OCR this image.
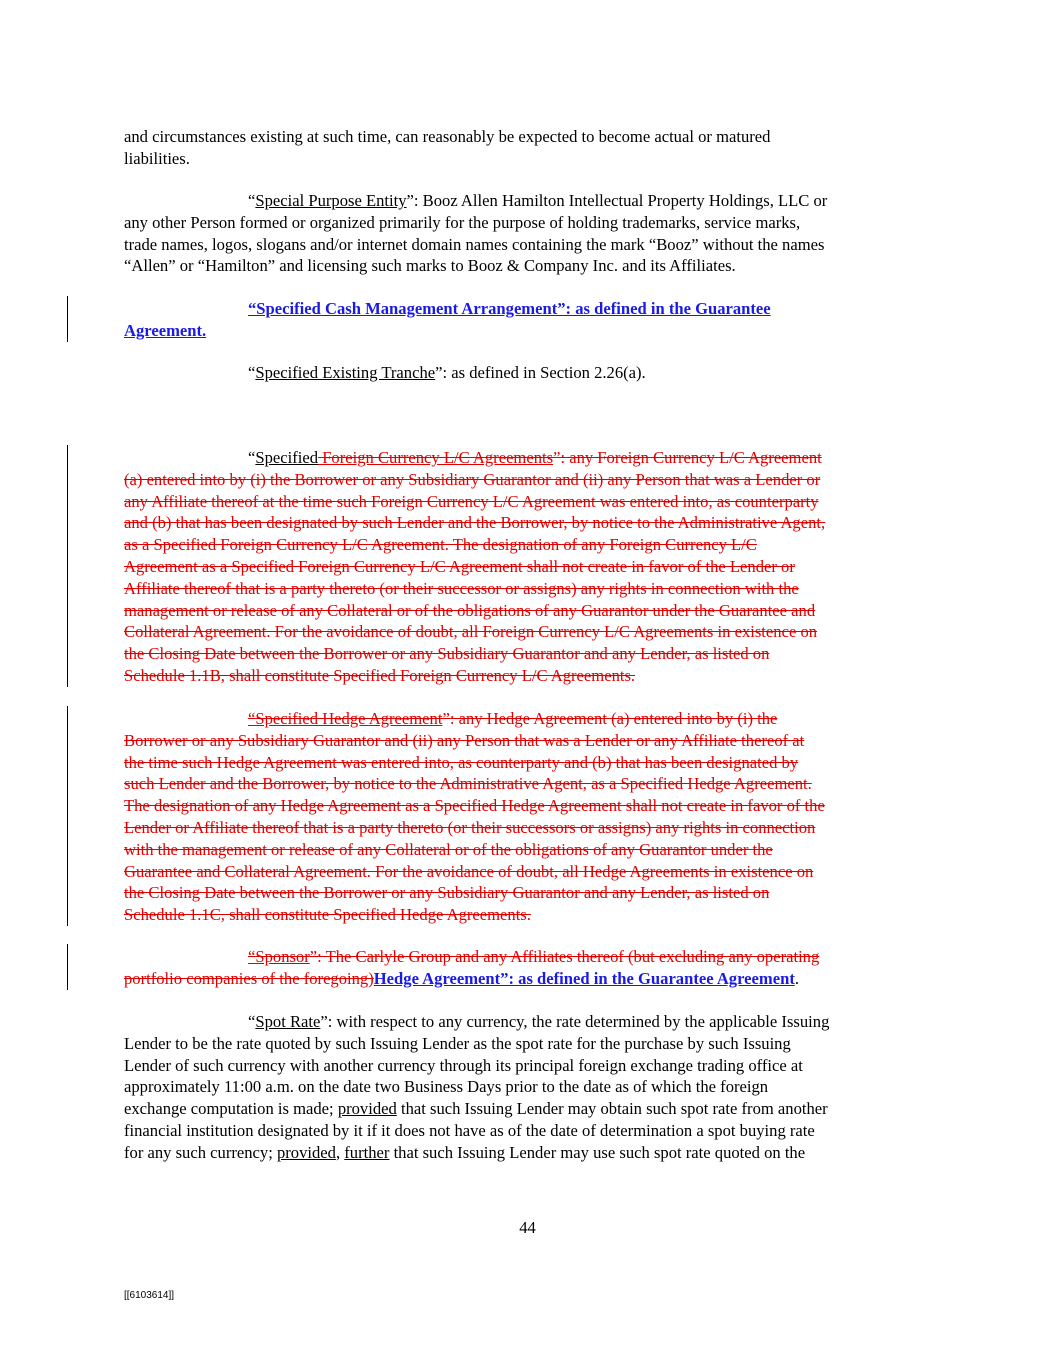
and circumstances existing at such time, can reasonably be expected to become actual or matured
liabilities.
“Special Purpose Entity”: Booz Allen Hamilton Intellectual Property Holdings, LLC or
any other Person formed or organized primarily for the purpose of holding trademarks, service marks,
trade names, logos, slogans and/or internet domain names containing the mark “Booz” without the names
“Allen” or “Hamilton” and licensing such marks to Booz & Company Inc. and its Affiliates.
“Specified Cash Management Arrangement”: as defined in the Guarantee
Agreement.
“Specified Existing Tranche”: as defined in Section 2.26(a).
“Specified Foreign Currency L/C Agreements”: any Foreign Currency L/C Agreement
(a) entered into by (i) the Borrower or any Subsidiary Guarantor and (ii) any Person that was a Lender or
any Affiliate thereof at the time such Foreign Currency L/C Agreement was entered into, as counterparty
and (b) that has been designated by such Lender and the Borrower, by notice to the Administrative Agent,
as a Specified Foreign Currency L/C Agreement. The designation of any Foreign Currency L/C
Agreement as a Specified Foreign Currency L/C Agreement shall not create in favor of the Lender or
Affiliate thereof that is a party thereto (or their successor or assigns) any rights in connection with the
management or release of any Collateral or of the obligations of any Guarantor under the Guarantee and
Collateral Agreement. For the avoidance of doubt, all Foreign Currency L/C Agreements in existence on
the Closing Date between the Borrower or any Subsidiary Guarantor and any Lender, as listed on
Schedule 1.1B, shall constitute Specified Foreign Currency L/C Agreements.
“Specified Hedge Agreement”: any Hedge Agreement (a) entered into by (i) the
Borrower or any Subsidiary Guarantor and (ii) any Person that was a Lender or any Affiliate thereof at
the time such Hedge Agreement was entered into, as counterparty and (b) that has been designated by
such Lender and the Borrower, by notice to the Administrative Agent, as a Specified Hedge Agreement.
The designation of any Hedge Agreement as a Specified Hedge Agreement shall not create in favor of the
Lender or Affiliate thereof that is a party thereto (or their successors or assigns) any rights in connection
with the management or release of any Collateral or of the obligations of any Guarantor under the
Guarantee and Collateral Agreement. For the avoidance of doubt, all Hedge Agreements in existence on
the Closing Date between the Borrower or any Subsidiary Guarantor and any Lender, as listed on
Schedule 1.1C, shall constitute Specified Hedge Agreements.
“Sponsor”: The Carlyle Group and any Affiliates thereof (but excluding any operating
portfolio companies of the foregoing)Hedge Agreement”: as defined in the Guarantee Agreement.
“Spot Rate”: with respect to any currency, the rate determined by the applicable Issuing
Lender to be the rate quoted by such Issuing Lender as the spot rate for the purchase by such Issuing
Lender of such currency with another currency through its principal foreign exchange trading office at
approximately 11:00 a.m. on the date two Business Days prior to the date as of which the foreign
exchange computation is made; provided that such Issuing Lender may obtain such spot rate from another
financial institution designated by it if it does not have as of the date of determination a spot buying rate
for any such currency; provided, further that such Issuing Lender may use such spot rate quoted on the
44
[[6103614]]
